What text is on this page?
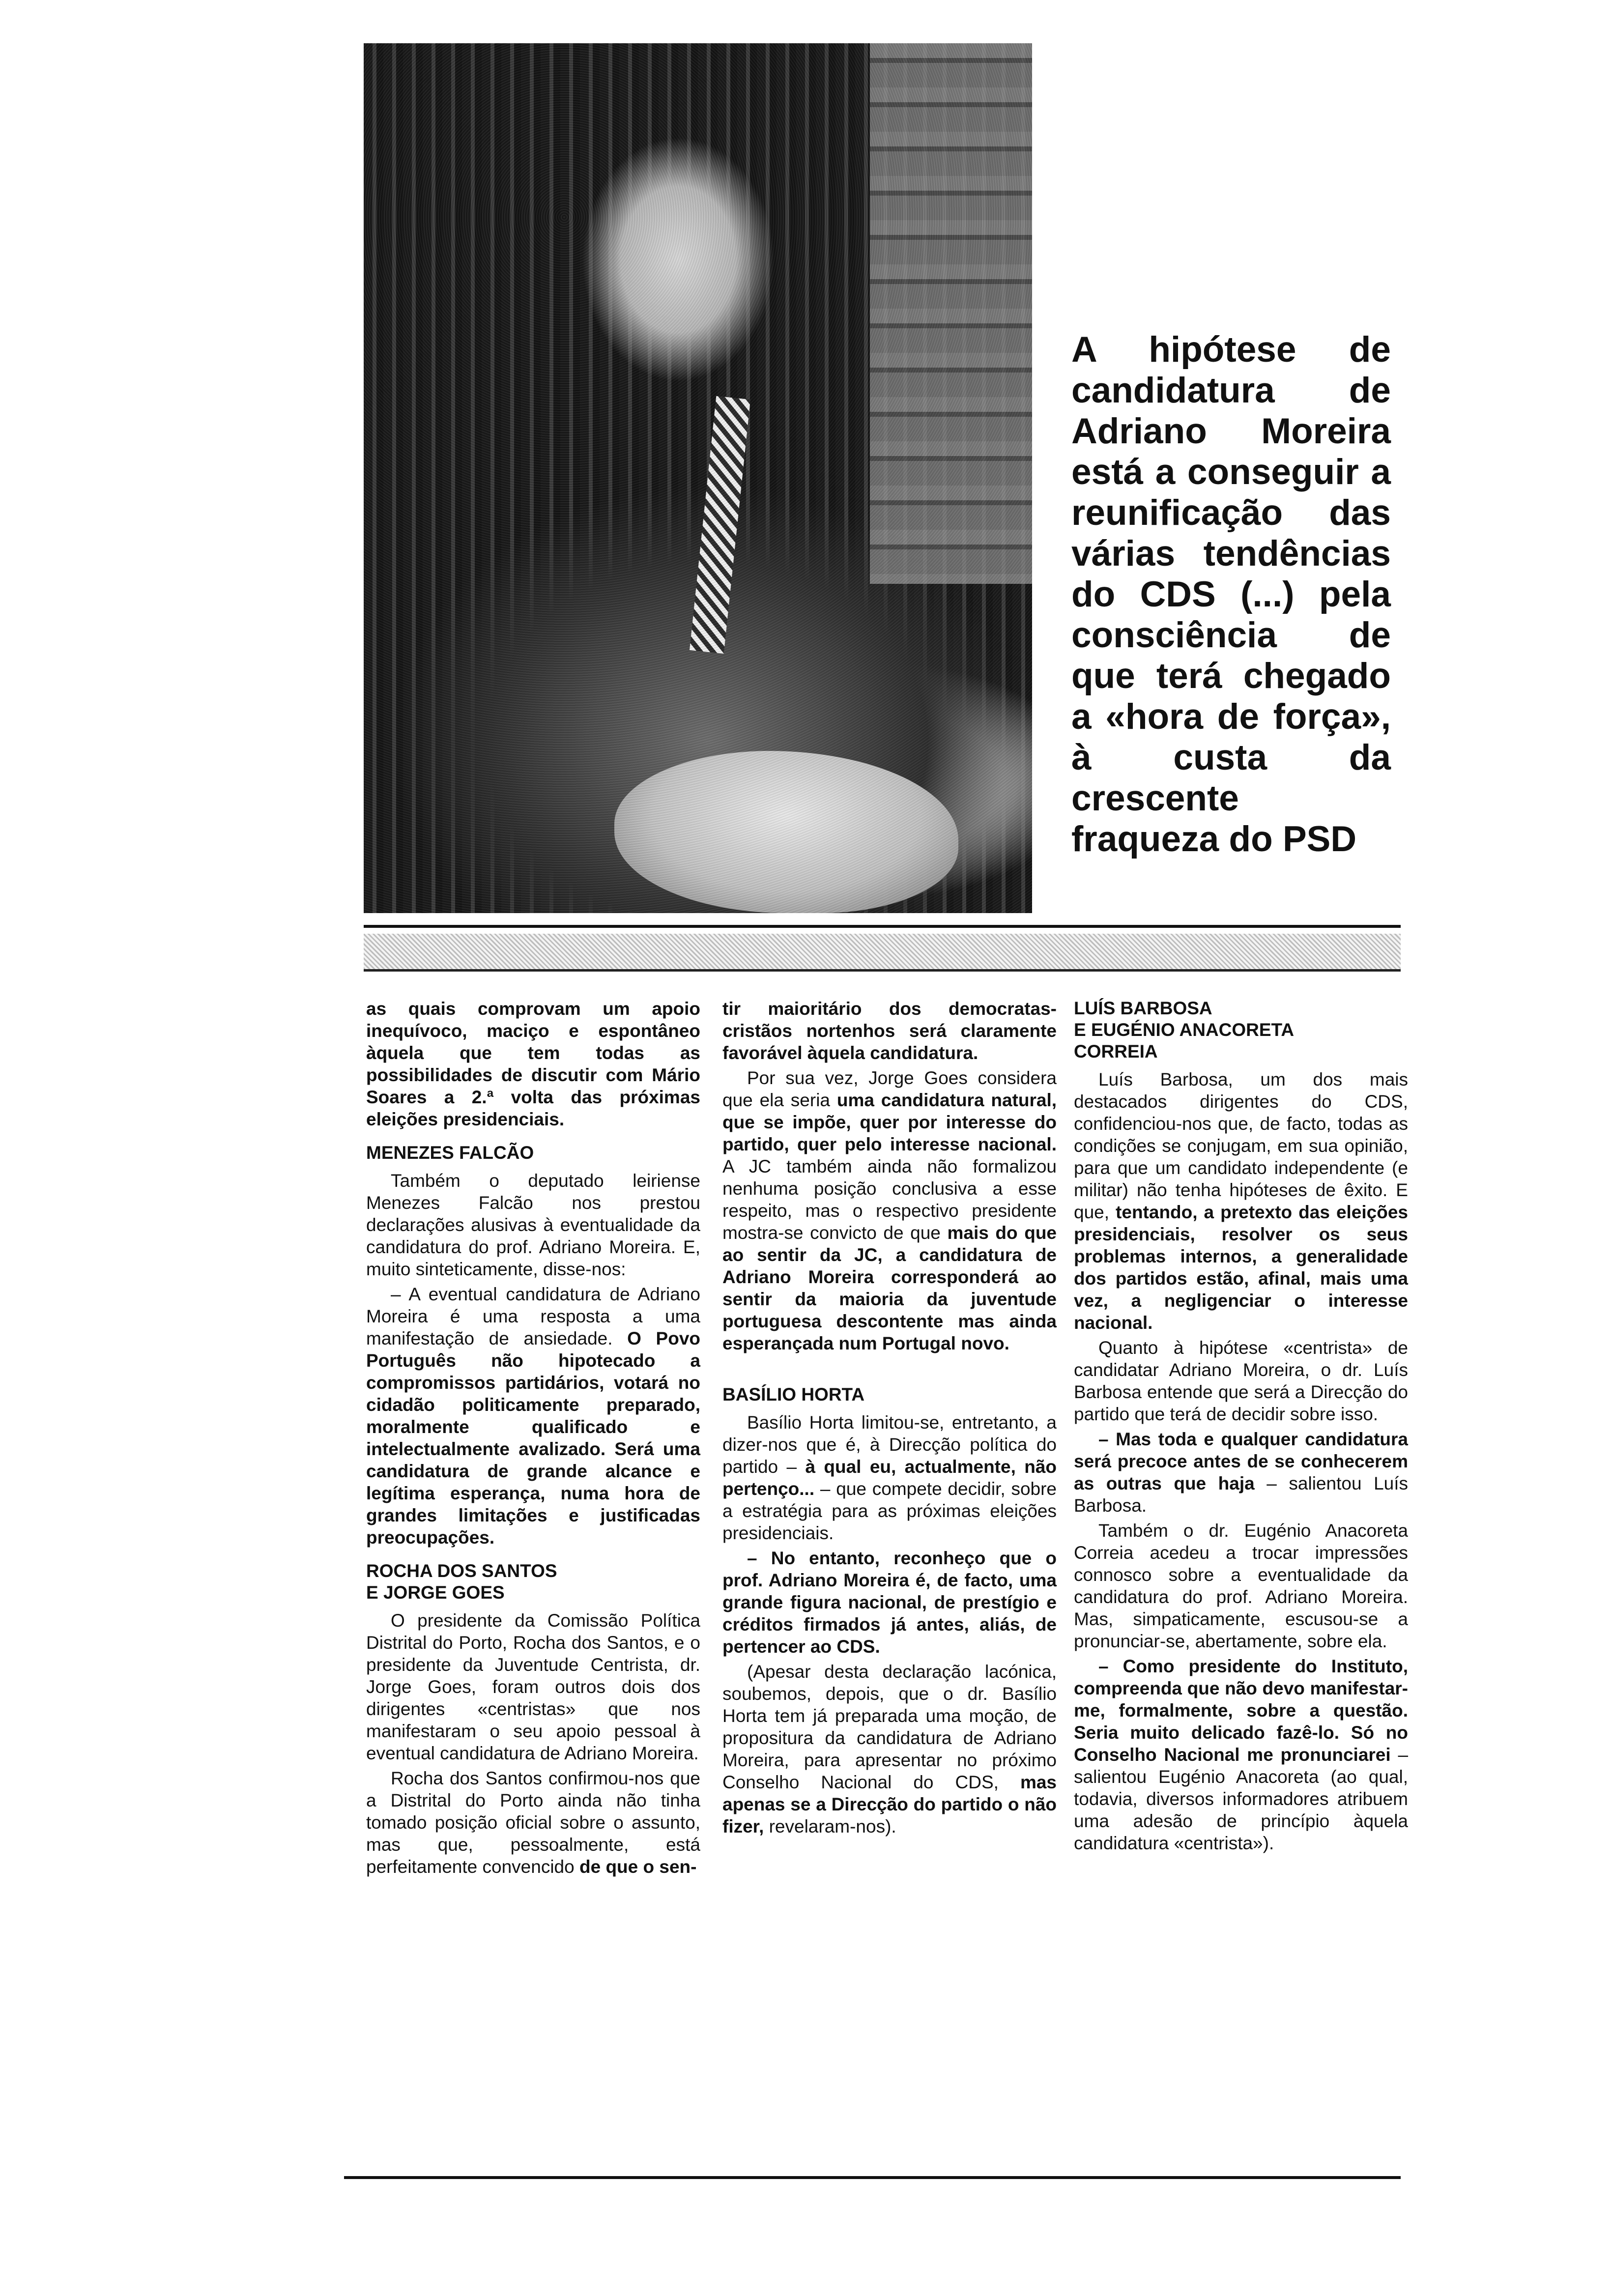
A hipótese de candidatura de Adriano Moreira está a conseguir a reunificação das várias tendências do CDS (...) pela consciência de que terá chegado a «hora de força», à custa da crescente fraqueza do PSD

as quais comprovam um apoio inequívoco, maciço e espontâneo àquela que tem todas as possibilidades de discutir com Mário Soares a 2.ª volta das próximas eleições presidenciais.

MENEZES FALCÃO

Também o deputado leiriense Menezes Falcão nos prestou declarações alusivas à eventualidade da candidatura do prof. Adriano Moreira. E, muito sinteticamente, disse-nos:

– A eventual candidatura de Adriano Moreira é uma resposta a uma manifestação de ansiedade. O Povo Português não hipotecado a compromissos partidários, votará no cidadão politicamente preparado, moralmente qualificado e intelectualmente avalizado. Será uma candidatura de grande alcance e legítima esperança, numa hora de grandes limitações e justificadas preocupações.

ROCHA DOS SANTOS
E JORGE GOES

O presidente da Comissão Política Distrital do Porto, Rocha dos Santos, e o presidente da Juventude Centrista, dr. Jorge Goes, foram outros dois dos dirigentes «centristas» que nos manifestaram o seu apoio pessoal à eventual candidatura de Adriano Moreira.

Rocha dos Santos confirmou-nos que a Distrital do Porto ainda não tinha tomado posição oficial sobre o assunto, mas que, pessoalmente, está perfeitamente convencido de que o sen-

tir maioritário dos democratas-cristãos nortenhos será claramente favorável àquela candidatura.

Por sua vez, Jorge Goes considera que ela seria uma candidatura natural, que se impõe, quer por interesse do partido, quer pelo interesse nacional. A JC também ainda não formalizou nenhuma posição conclusiva a esse respeito, mas o respectivo presidente mostra-se convicto de que mais do que ao sentir da JC, a candidatura de Adriano Moreira corresponderá ao sentir da maioria da juventude portuguesa descontente mas ainda esperançada num Portugal novo.

BASÍLIO HORTA

Basílio Horta limitou-se, entretanto, a dizer-nos que é, à Direcção política do partido – à qual eu, actualmente, não pertenço... – que compete decidir, sobre a estratégia para as próximas eleições presidenciais.

– No entanto, reconheço que o prof. Adriano Moreira é, de facto, uma grande figura nacional, de prestígio e créditos firmados já antes, aliás, de pertencer ao CDS.

(Apesar desta declaração lacónica, soubemos, depois, que o dr. Basílio Horta tem já preparada uma moção, de propositura da candidatura de Adriano Moreira, para apresentar no próximo Conselho Nacional do CDS, mas apenas se a Direcção do partido o não fizer, revelaram-nos).

LUÍS BARBOSA
E EUGÉNIO ANACORETA
CORREIA

Luís Barbosa, um dos mais destacados dirigentes do CDS, confidenciou-nos que, de facto, todas as condições se conjugam, em sua opinião, para que um candidato independente (e militar) não tenha hipóteses de êxito. E que, tentando, a pretexto das eleições presidenciais, resolver os seus problemas internos, a generalidade dos partidos estão, afinal, mais uma vez, a negligenciar o interesse nacional.

Quanto à hipótese «centrista» de candidatar Adriano Moreira, o dr. Luís Barbosa entende que será a Direcção do partido que terá de decidir sobre isso.

– Mas toda e qualquer candidatura será precoce antes de se conhecerem as outras que haja – salientou Luís Barbosa.

Também o dr. Eugénio Anacoreta Correia acedeu a trocar impressões connosco sobre a eventualidade da candidatura do prof. Adriano Moreira. Mas, simpaticamente, escusou-se a pronunciar-se, abertamente, sobre ela.

– Como presidente do Instituto, compreenda que não devo manifestar-me, formalmente, sobre a questão. Seria muito delicado fazê-lo. Só no Conselho Nacional me pronunciarei – salientou Eugénio Anacoreta (ao qual, todavia, diversos informadores atribuem uma adesão de princípio àquela candidatura «centrista»).
